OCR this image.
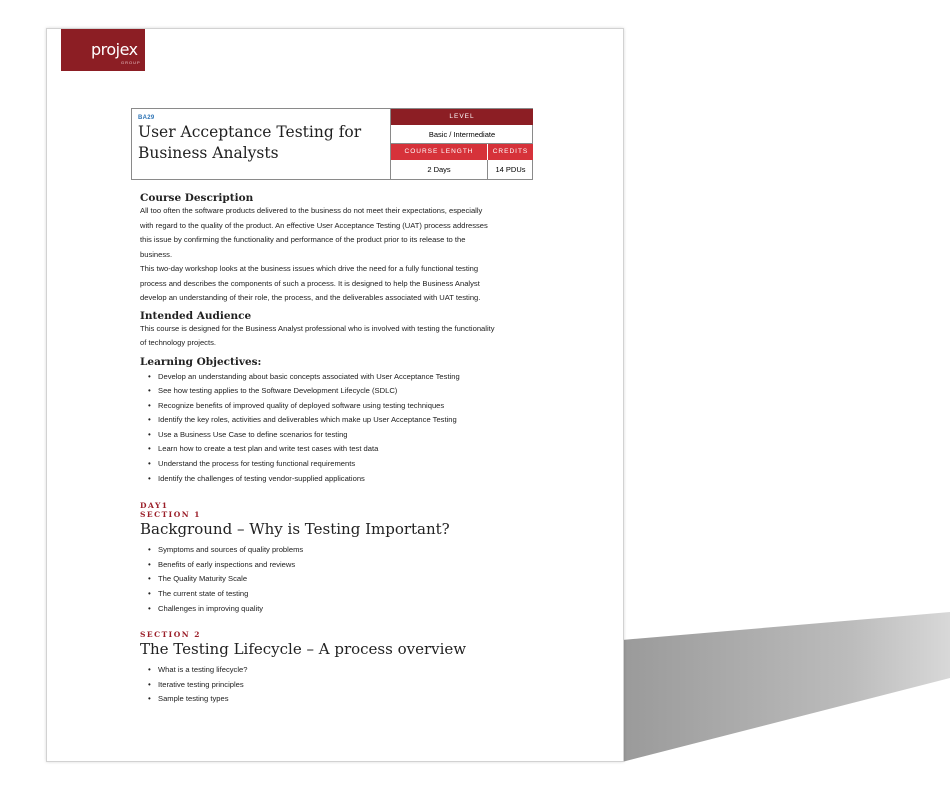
projex
GROUP
BA29
User Acceptance Testing for
Business Analysts
LEVEL
Basic / Intermediate
COURSE LENGTH	CREDITS
2 Days	14 PDUs
Course Description

All too often the software products delivered to the business do not meet their expectations, especially

with regard to the quality of the product. An effective User Acceptance Testing (UAT) process addresses

this issue by confirming the functionality and performance of the product prior to its release to the

business.

This two-day workshop looks at the business issues which drive the need for a fully functional testing

process and describes the components of such a process. It is designed to help the Business Analyst

develop an understanding of their role, the process, and the deliverables associated with UAT testing.

Intended Audience

This course is designed for the Business Analyst professional who is involved with testing the functionality

of technology projects.

Learning Objectives:
• Develop an understanding about basic concepts associated with User Acceptance Testing
• See how testing applies to the Software Development Lifecycle (SDLC)
• Recognize benefits of improved quality of deployed software using testing techniques
• Identify the key roles, activities and deliverables which make up User Acceptance Testing
• Use a Business Use Case to define scenarios for testing
• Learn how to create a test plan and write test cases with test data
• Understand the process for testing functional requirements
• Identify the challenges of testing vendor-supplied applications
DAY1
SECTION 1
Background – Why is Testing Important?
• Symptoms and sources of quality problems
• Benefits of early inspections and reviews
• The Quality Maturity Scale
• The current state of testing
• Challenges in improving quality
SECTION 2
The Testing Lifecycle – A process overview
• What is a testing lifecycle?
• Iterative testing principles
• Sample testing types
